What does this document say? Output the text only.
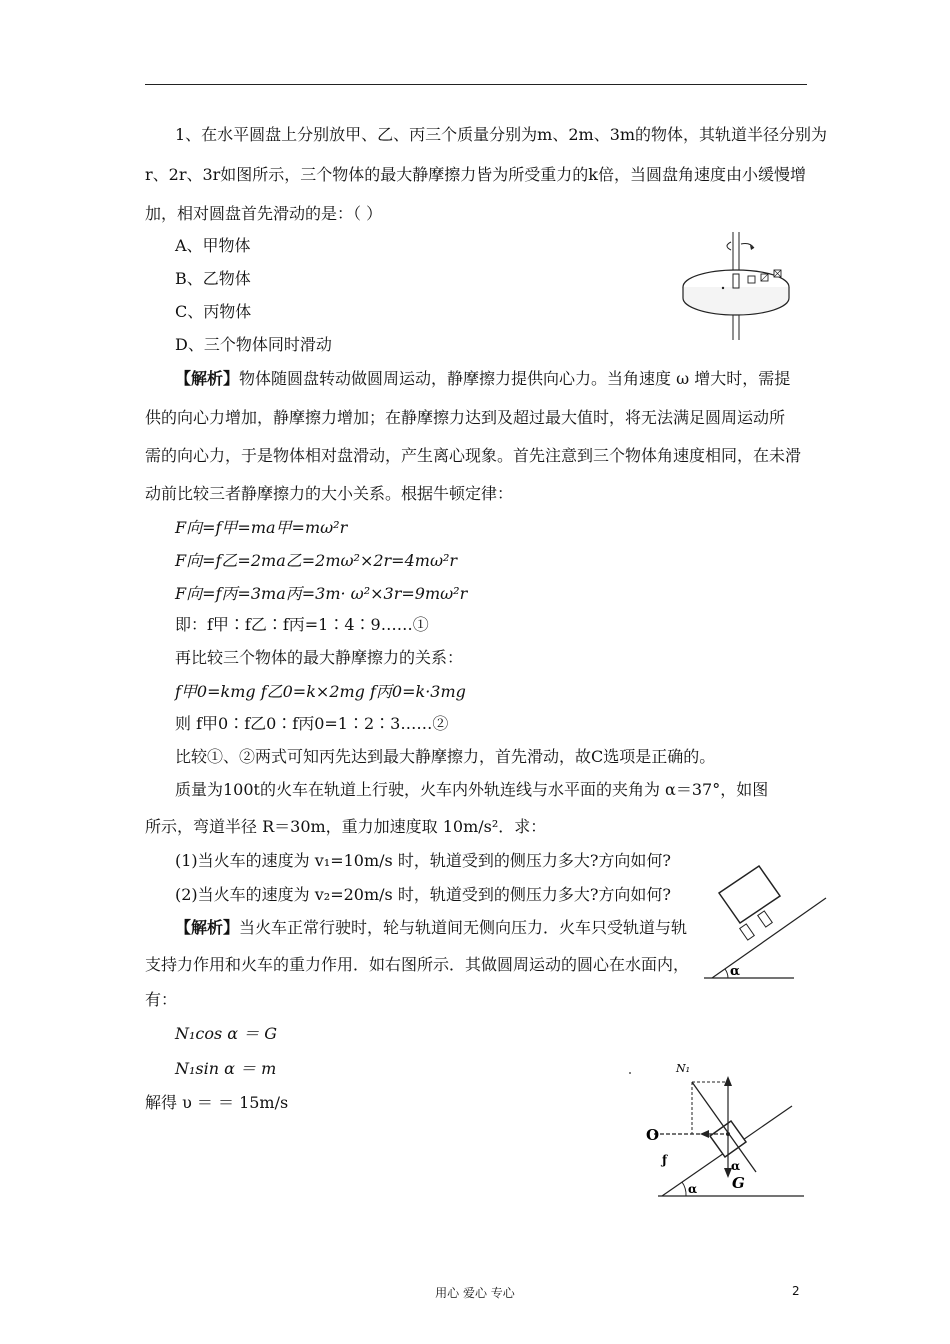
1、在水平圆盘上分别放甲、乙、丙三个质量分别为m、2m、3m的物体，其轨道半径分别为
r、2r、3r如图所示，三个物体的最大静摩擦力皆为所受重力的k倍，当圆盘角速度由小缓慢增
加，相对圆盘首先滑动的是：（ ）
A、甲物体
B、乙物体
C、丙物体
D、三个物体同时滑动
【解析】物体随圆盘转动做圆周运动，静摩擦力提供向心力。当角速度 ω 增大时，需提
供的向心力增加，静摩擦力增加；在静摩擦力达到及超过最大值时，将无法满足圆周运动所
需的向心力，于是物体相对盘滑动，产生离心现象。首先注意到三个物体角速度相同，在未滑
动前比较三者静摩擦力的大小关系。根据牛顿定律：
F向=f甲=ma甲=mω²r
F向=f乙=2ma乙=2mω²×2r=4mω²r
F向=f丙=3ma丙=3m· ω²×3r=9mω²r
即：f甲∶f乙∶f丙=1∶4∶9……①
再比较三个物体的最大静摩擦力的关系：
f甲0=kmg f乙0=k×2mg f丙0=k·3mg
则 f甲0∶f乙0∶f丙0=1∶2∶3……②
比较①、②两式可知丙先达到最大静摩擦力，首先滑动，故C选项是正确的。
质量为100t的火车在轨道上行驶，火车内外轨连线与水平面的夹角为 α＝37°，如图
所示，弯道半径 R＝30m，重力加速度取 10m/s²．求：
(1)当火车的速度为 v₁=10m/s 时，轨道受到的侧压力多大?方向如何?
(2)当火车的速度为 v₂=20m/s 时，轨道受到的侧压力多大?方向如何?
α
【解析】当火车正常行驶时，轮与轨道间无侧向压力．火车只受轨道与轨
支持力作用和火车的重力作用．如右图所示．其做圆周运动的圆心在水面内，
有：
N₁cos α ＝ G
N₁sin α ＝ m
解得 υ ＝ ＝ 15m/s
N₁
α
O
ƒ	α
G
用心 爱心 专心	2
